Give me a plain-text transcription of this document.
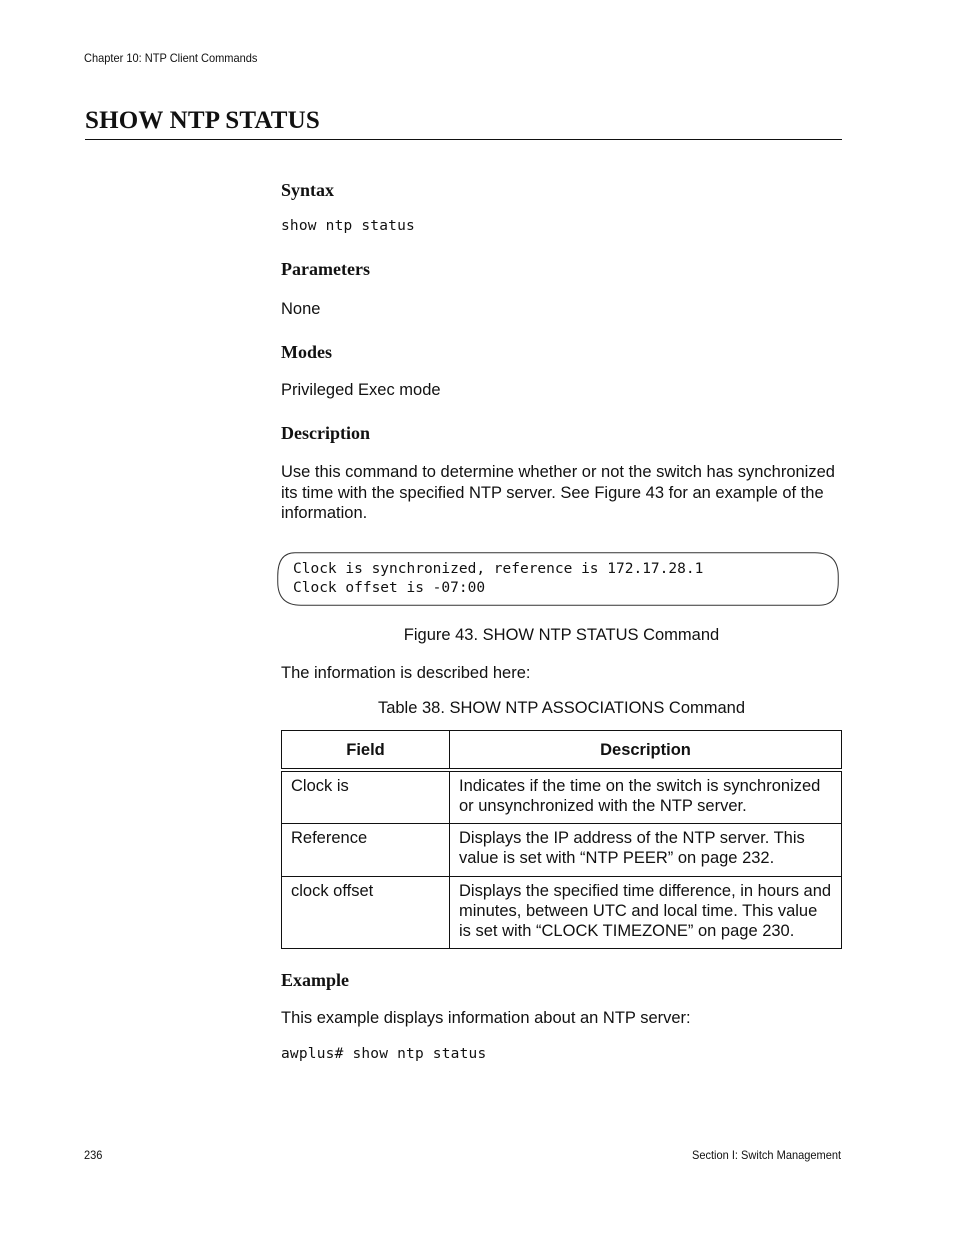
Chapter 10: NTP Client Commands
SHOW NTP STATUS
Syntax
show ntp status
Parameters
None
Modes
Privileged Exec mode
Description
Use this command to determine whether or not the switch has synchronized its time with the specified NTP server. See Figure 43 for an example of the information.
Clock is synchronized, reference is 172.17.28.1
Clock offset is -07:00
Figure 43. SHOW NTP STATUS Command
The information is described here:
Table 38. SHOW NTP ASSOCIATIONS Command
Field	Description
Clock is	Indicates if the time on the switch is synchronized or unsynchronized with the NTP server.
Reference	Displays the IP address of the NTP server. This value is set with “NTP PEER” on page 232.
clock offset	Displays the specified time difference, in hours and minutes, between UTC and local time. This value is set with “CLOCK TIMEZONE” on page 230.
Example
This example displays information about an NTP server:
awplus# show ntp status
236	Section I: Switch Management
